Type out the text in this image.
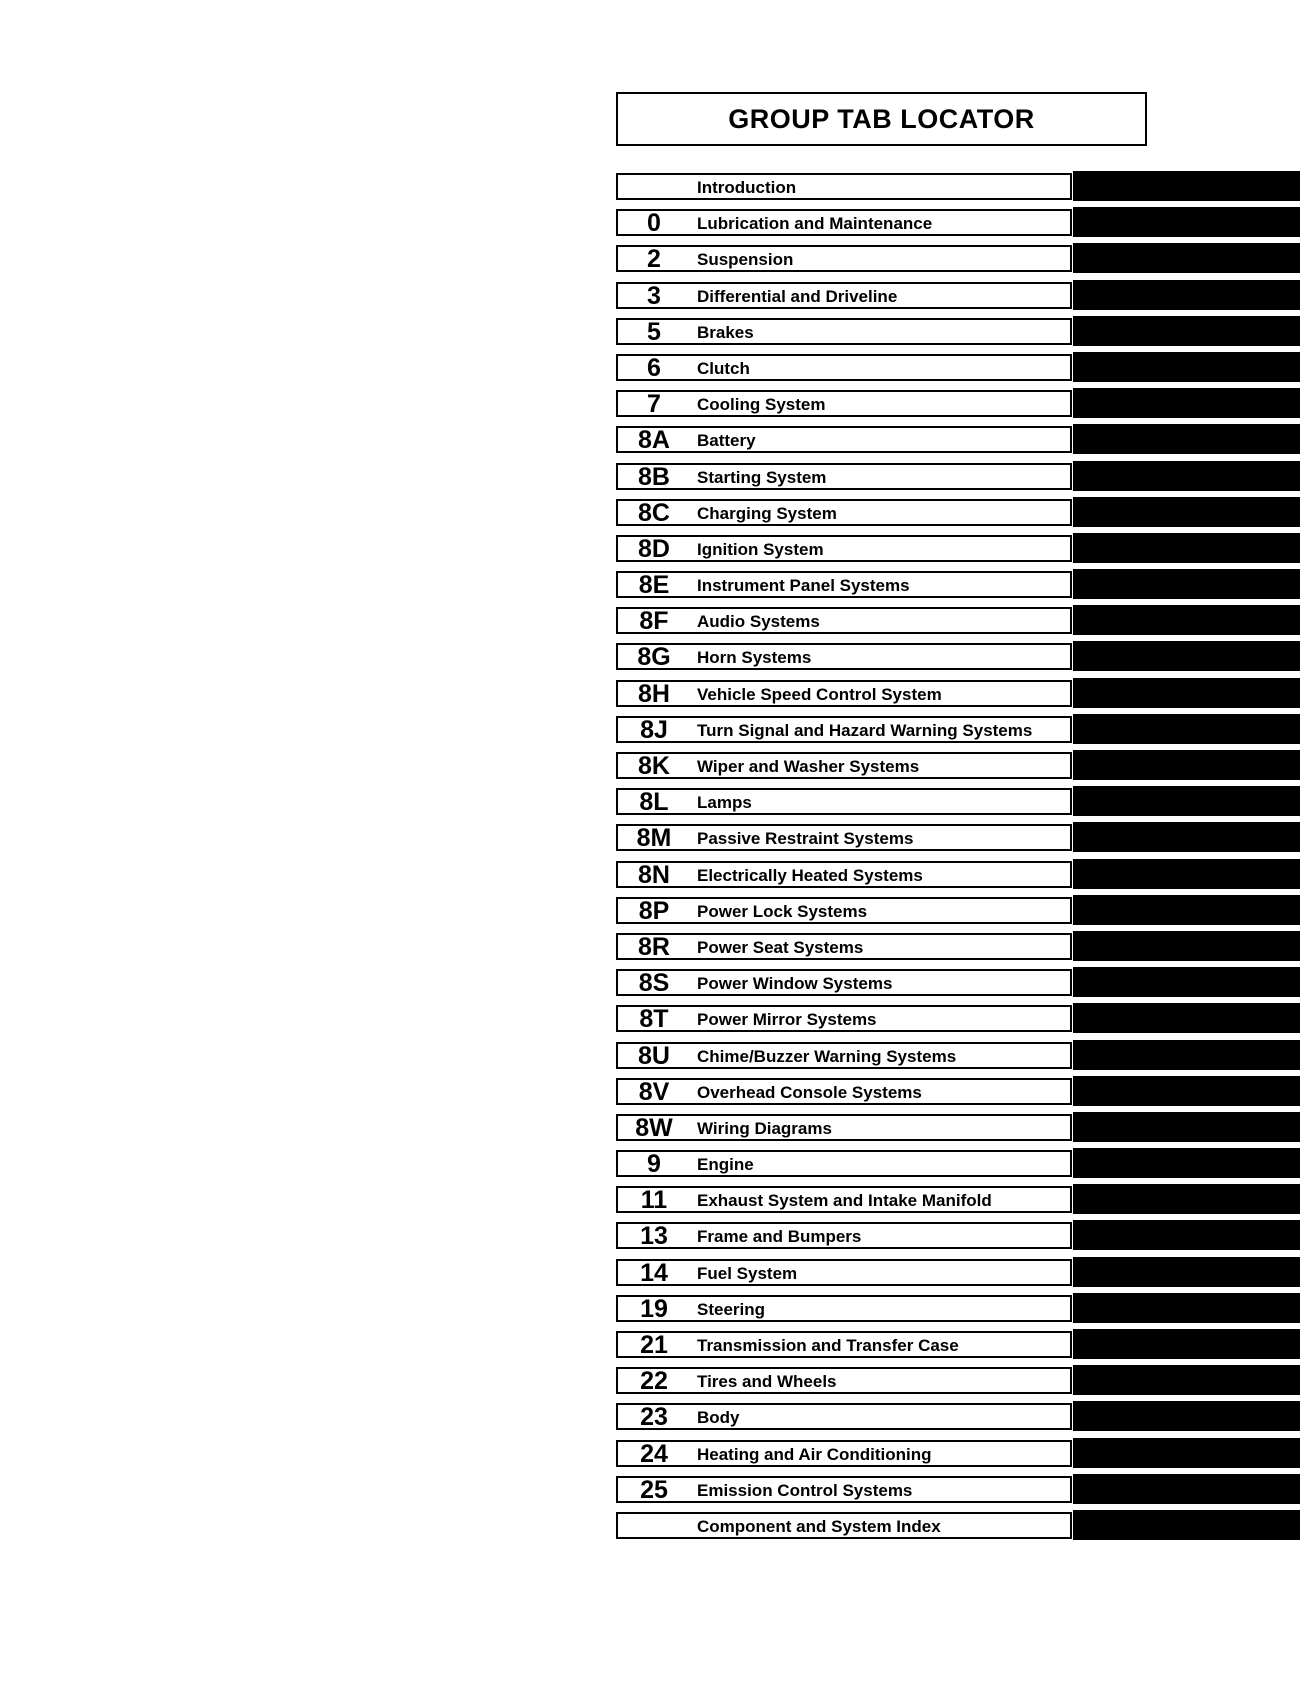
GROUP TAB LOCATOR
Introduction
0	Lubrication and Maintenance
2	Suspension
3	Differential and Driveline
5	Brakes
6	Clutch
7	Cooling System
8A	Battery
8B	Starting System
8C	Charging System
8D	Ignition System
8E	Instrument Panel Systems
8F	Audio Systems
8G	Horn Systems
8H	Vehicle Speed Control System
8J	Turn Signal and Hazard Warning Systems
8K	Wiper and Washer Systems
8L	Lamps
8M	Passive Restraint Systems
8N	Electrically Heated Systems
8P	Power Lock Systems
8R	Power Seat Systems
8S	Power Window Systems
8T	Power Mirror Systems
8U	Chime/Buzzer Warning Systems
8V	Overhead Console Systems
8W	Wiring Diagrams
9	Engine
11	Exhaust System and Intake Manifold
13	Frame and Bumpers
14	Fuel System
19	Steering
21	Transmission and Transfer Case
22	Tires and Wheels
23	Body
24	Heating and Air Conditioning
25	Emission Control Systems
Component and System Index
